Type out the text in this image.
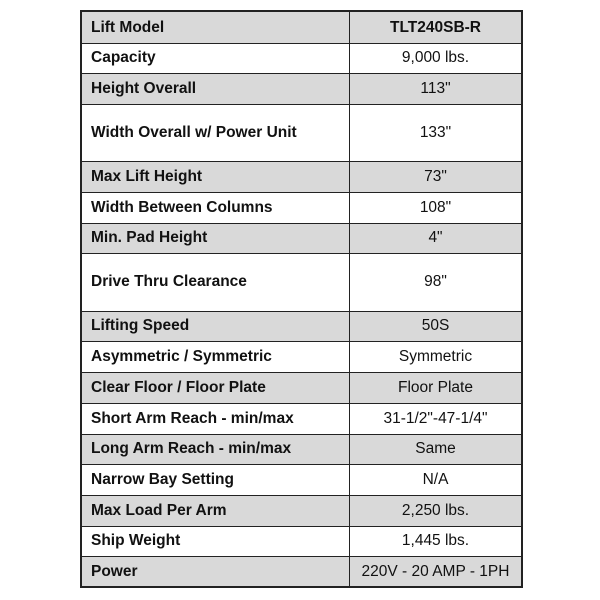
Lift Model	TLT240SB-R
Capacity	9,000 lbs.
Height Overall	113"
Width Overall w/ Power Unit	133"
Max Lift Height	73"
Width Between Columns	108"
Min. Pad Height	4"
Drive Thru Clearance	98"
Lifting Speed	50S
Asymmetric / Symmetric	Symmetric
Clear Floor / Floor Plate	Floor Plate
Short Arm Reach - min/max	31-1/2"-47-1/4"
Long Arm Reach - min/max	Same
Narrow Bay Setting	N/A
Max Load Per Arm	2,250 lbs.
Ship Weight	1,445 lbs.
Power	220V - 20 AMP - 1PH
